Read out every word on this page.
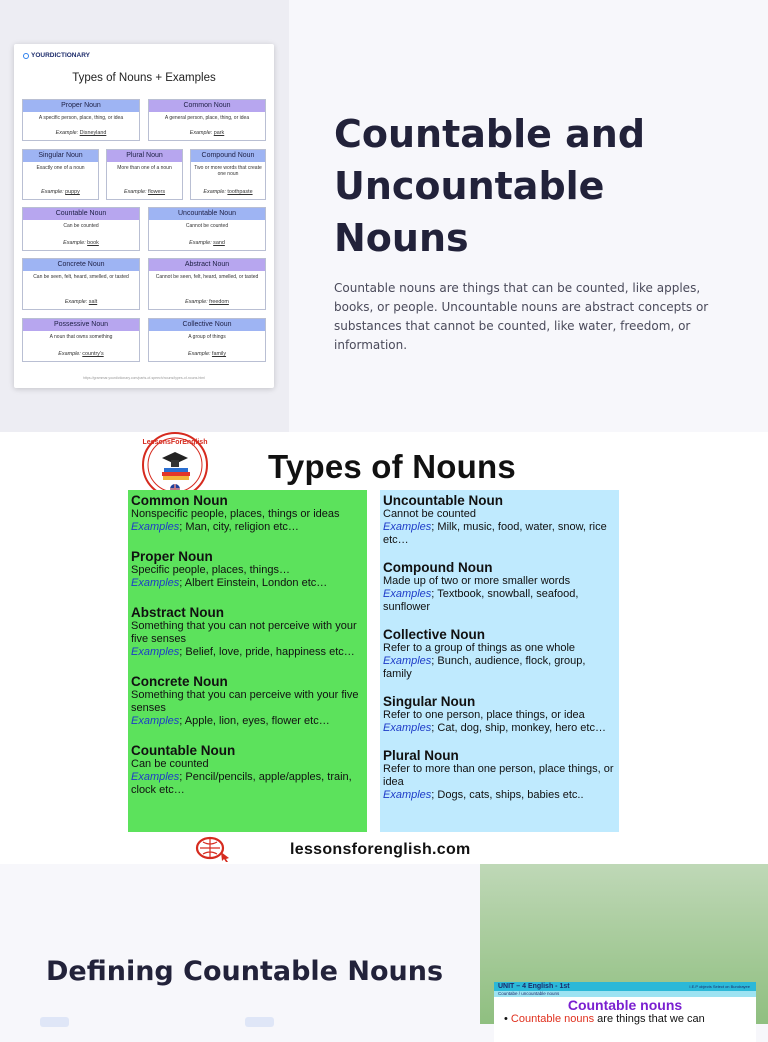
YOURDICTIONARY
Types of Nouns + Examples
Proper Noun
A specific person, place, thing, or idea
Example: Disneyland
Common Noun
A general person, place, thing, or idea
Example: park
Singular Noun
Exactly one of a noun
Example: puppy
Plural Noun
More than one of a noun
Example: flowers
Compound Noun
Two or more words that create one noun
Example: toothpaste
Countable Noun
Can be counted
Example: book
Uncountable Noun
Cannot be counted
Example: sand
Concrete Noun
Can be seen, felt, heard, smelled, or tasted
Example: salt
Abstract Noun
Cannot be seen, felt, heard, smelled, or tasted
Example: freedom
Possessive Noun
A noun that owns something
Example: country's
Collective Noun
A group of things
Example: family
https://grammar.yourdictionary.com/parts-of-speech/nouns/types-of-nouns.html
Countable and Uncountable Nouns

Countable nouns are things that can be counted, like apples, books, or people. Uncountable nouns are abstract concepts or substances that cannot be counted, like water, freedom, or information.

LessonsForEnglish
Types of Nouns
Common Noun
Nonspecific people, places, things or ideas
Examples; Man, city, religion etc…
Proper Noun
Specific people, places, things…
Examples; Albert Einstein, London etc…
Abstract Noun
Something that you can not perceive with your five senses
Examples; Belief, love, pride, happiness etc…
Concrete Noun
Something that you can perceive with your five senses
Examples; Apple, lion, eyes, flower etc…
Countable Noun
Can be counted
Examples; Pencil/pencils, apple/apples, train, clock etc…
Uncountable Noun
Cannot be counted
Examples; Milk, music, food, water, snow, rice etc…
Compound Noun
Made up of two or more smaller words
Examples; Textbook, snowball, seafood, sunflower
Collective Noun
Refer to a group of things as one whole
Examples; Bunch, audience, flock, group, family
Singular Noun
Refer to one person, place things, or idea
Examples; Cat, dog, ship, monkey, hero etc…
Plural Noun
Refer to more than one person, place things, or idea
Examples; Dogs, cats, ships, babies etc..
lessonsforenglish.com
Defining Countable Nouns	UNIT – 4 English - 1st	I.E.P objects Select on Bundrayee
Countabe / uncountable nouns
Countable nouns
• Countable nouns are things that we can
